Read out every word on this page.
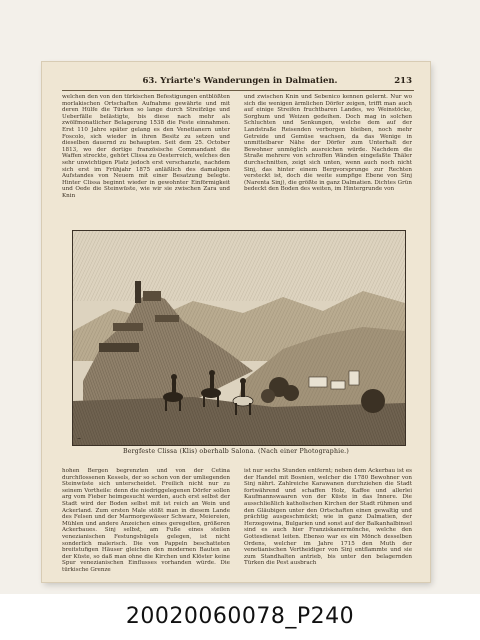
63. Yriarte's Wanderungen in Dalmatien.	213

welchen den von den türkischen Befestigungen entblößten morlakischen Ortschaften Aufnahme gewährte und mit deren Hülfe die Türken so lange durch Streifzüge und Ueberfälle belästigte, bis diese nach mehr als zwölfmonatlicher Belagerung 1538 die Feste einnahmen. Erst 110 Jahre später gelang es den Venetianern unter Foscolo, sich wieder in ihren Besitz zu setzen und dieselben dauernd zu behaupten. Seit dem 25. October 1813, wo der dortige französische Commandant die Waffen streckte, gehört Clissa zu Oesterreich, welches den sehr unwichtigen Platz jedoch erst verschanzte, nachdem sich erst im Frühjahr 1875 anläßlich des damaligen Aufstandes von Neuem mit einer Besatzung belegte. Hinter Clissa beginnt wieder in gewohnter Einförmigkeit und Oede die Steinwüste, wie wir sie zwischen Zara und Knin

und zwischen Knin und Sebenico kennen gelernt. Nur wo sich die wenigen ärmlichen Dörfer zeigen, trifft man auch auf einige Streifen fruchtbaren Landes, wo Weinstöcke, Sorghum und Weizen gedeihen. Doch mag in solchen Schluchten und Senkungen, welche dem auf der Landstraße Reisenden verborgen bleiben, noch mehr Getreide und Gemüse wachsen, da das Wenige in unmittelbarer Nähe der Dörfer zum Unterhalt der Bewohner unmöglich ausreichen würde. Nachdem die Straße mehrere von schroffen Wänden eingefaßte Thäler durchschnitten, zeigt sich unten, wenn auch noch nicht Sinj, das hinter einem Bergvorsprunge zur Rechten versteckt ist, doch die weite sumpfige Ebene von Sinj (Narenta Sinj), die größte in ganz Dalmatien. Dichtes Grün bedeckt den Boden des weiten, im Hintergrunde von

~
Bergfeste Clissa (Klis) oberhalb Salona. (Nach einer Photographie.)

hohen Bergen begrenzten und von der Cetina durchflossenen Kessels, der so schon von der umliegenden Steinwüste sich unterscheidet. Freilich nicht nur zu seinem Vortheile: denn die niedriggelegenen Dörfer sollen arg vom Fieber heimgesucht werden, auch erst selbst der Stadt wird der Boden selbst mit ist reich an Wein und Ackerland. Zum ersten Male stößt man in diesem Lande des Felsen und der Marmorgewässer Schwarz, Meiereien, Mühlen und andere Anzeichen eines geregelten, größeren Ackerbaues. Sinj selbst, am Fuße eines steilen venezianischen Festungshügels gelegen, ist nicht sonderlich malerisch. Die von Pappeln beschatteten breitstufigen Häuser gleichen den modernen Bauten an der Küste, so daß man ohne die Kirchen und Klöster keine Spur venezianischen Einflusses vorhanden würde. Die türkische Grenze

ist nur sechs Stunden entfernt; neben dem Ackerbau ist es der Handel mit Bosnien, welcher die 1780 Bewohner von Sinj nährt. Zahlreiche Karawanen durchziehen die Stadt fortwährend und schaffen Holz, Kaffee und allerlei Kaufmannswaaren von der Küste in das Innere. Die ausschließlich katholischen Kirchen der Stadt rühmen und den Gläubigen unter den Ortschaften einen gewaltig und prächtig ausgeschmückt; wie in ganz Dalmatien, der Herzegowina, Bulgarien und sonst auf der Balkanhalbinsel sind es auch hier Franziskanermönche, welche den Gottesdienst leiten. Ebenso war es ein Mönch desselben Ordens, welcher im Jahre 1715 den Muth der venetianischen Vertheidiger von Sinj entflammte und sie zum Standhalten antrieb, bis unter den belagernden Türken die Pest ausbrach

20020060078_P240
